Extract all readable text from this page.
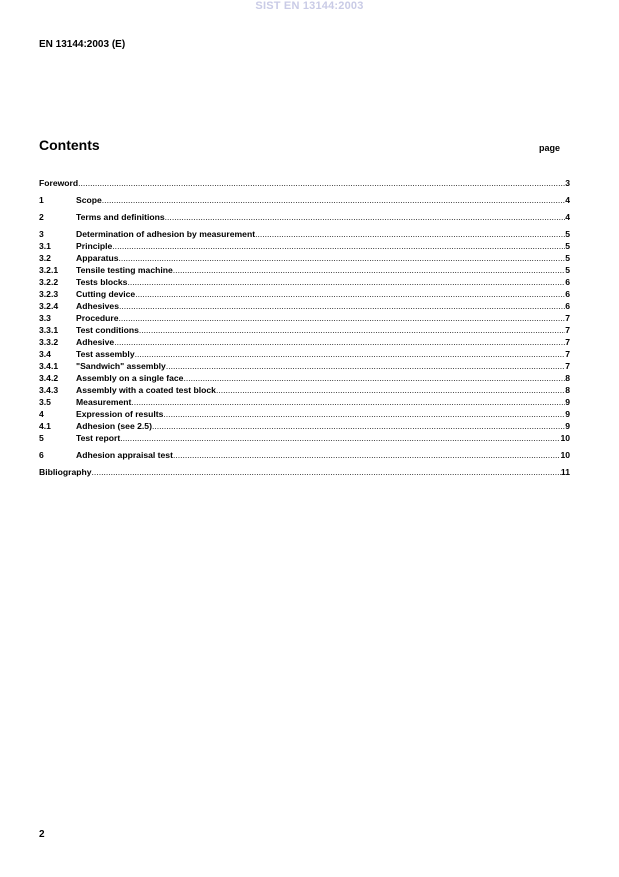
SIST EN 13144:2003
EN 13144:2003 (E)
Contents	page
Foreword .....	3
1	Scope .....	4
2	Terms and definitions .....	4
3	Determination of adhesion by measurement .....	5
3.1	Principle .....	5
3.2	Apparatus .....	5
3.2.1	Tensile testing machine .....	5
3.2.2	Tests blocks .....	6
3.2.3	Cutting device .....	6
3.2.4	Adhesives .....	6
3.3	Procedure .....	7
3.3.1	Test conditions .....	7
3.3.2	Adhesive .....	7
3.4	Test assembly .....	7
3.4.1	"Sandwich" assembly .....	7
3.4.2	Assembly on a single face .....	8
3.4.3	Assembly with a coated test block .....	8
3.5	Measurement .....	9
4	Expression of results .....	9
4.1	Adhesion (see 2.5) .....	9
5	Test report .....	10
6	Adhesion appraisal test .....	10
Bibliography .....	11
2
